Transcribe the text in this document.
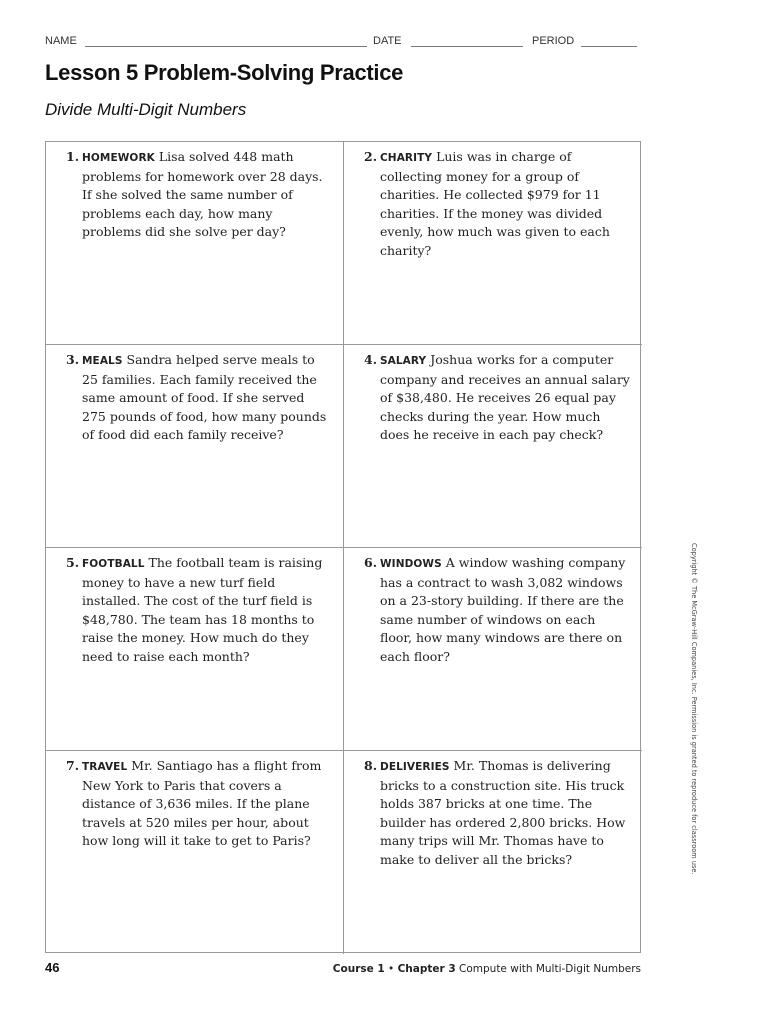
NAME	DATE	PERIOD
Lesson 5 Problem-Solving Practice
Divide Multi-Digit Numbers
1. HOMEWORK Lisa solved 448 math problems for homework over 28 days. If she solved the same number of problems each day, how many problems did she solve per day?
2. CHARITY Luis was in charge of collecting money for a group of charities. He collected $979 for 11 charities. If the money was divided evenly, how much was given to each charity?
3. MEALS Sandra helped serve meals to 25 families. Each family received the same amount of food. If she served 275 pounds of food, how many pounds of food did each family receive?
4. SALARY Joshua works for a computer company and receives an annual salary of $38,480. He receives 26 equal pay checks during the year. How much does he receive in each pay check?
5. FOOTBALL The football team is raising money to have a new turf field installed. The cost of the turf field is $48,780. The team has 18 months to raise the money. How much do they need to raise each month?
6. WINDOWS A window washing company has a contract to wash 3,082 windows on a 23-story building. If there are the same number of windows on each floor, how many windows are there on each floor?
7. TRAVEL Mr. Santiago has a flight from New York to Paris that covers a distance of 3,636 miles. If the plane travels at 520 miles per hour, about how long will it take to get to Paris?
8. DELIVERIES Mr. Thomas is delivering bricks to a construction site. His truck holds 387 bricks at one time. The builder has ordered 2,800 bricks. How many trips will Mr. Thomas have to make to deliver all the bricks?	Copyright © The McGraw-Hill Companies, Inc. Permission is granted to reproduce for classroom use.
46	Course 1 • Chapter 3 Compute with Multi-Digit Numbers
